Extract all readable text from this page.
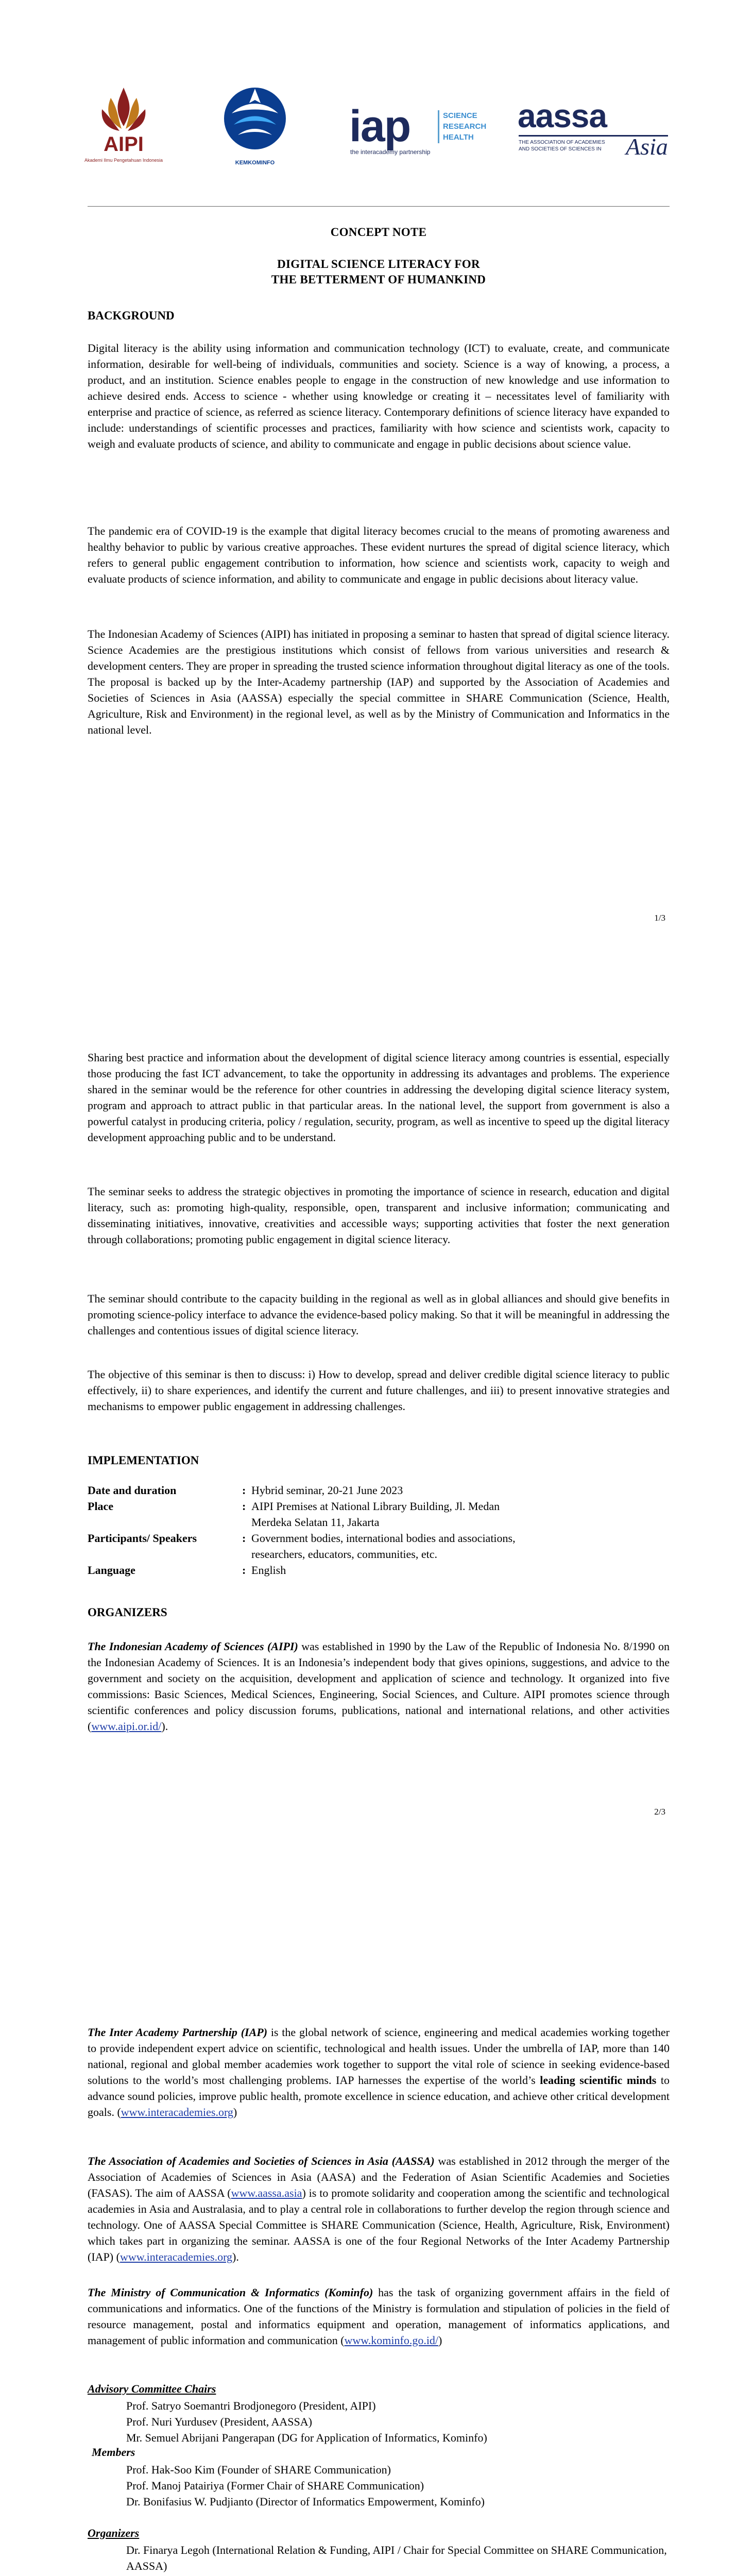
AIPI
Akademi Ilmu Pengetahuan Indonesia	KEMKOMINFO
iap	SCIENCE
RESEARCH
HEALTH
the interacademy partnership
aassa
THE ASSOCIATION OF ACADEMIES
AND SOCIETIES OF SCIENCES IN Asia
CONCEPT NOTE
DIGITAL SCIENCE LITERACY FOR
THE BETTERMENT OF HUMANKIND
BACKGROUND

Digital literacy is the ability using information and communication technology (ICT) to evaluate, create, and communicate information, desirable for well-being of individuals, communities and society. Science is a way of knowing, a process, a product, and an institution. Science enables people to engage in the construction of new knowledge and use information to achieve desired ends. Access to science - whether using knowledge or creating it – necessitates level of familiarity with enterprise and practice of science, as referred as science literacy. Contemporary definitions of science literacy have expanded to include: understandings of scientific processes and practices, familiarity with how science and scientists work, capacity to weigh and evaluate products of science, and ability to communicate and engage in public decisions about science value.

The pandemic era of COVID-19 is the example that digital literacy becomes crucial to the means of promoting awareness and healthy behavior to public by various creative approaches. These evident nurtures the spread of digital science literacy, which refers to general public engagement contribution to information, how science and scientists work, capacity to weigh and evaluate products of science information, and ability to communicate and engage in public decisions about literacy value.

The Indonesian Academy of Sciences (AIPI) has initiated in proposing a seminar to hasten that spread of digital science literacy. Science Academies are the prestigious institutions which consist of fellows from various universities and research & development centers. They are proper in spreading the trusted science information throughout digital literacy as one of the tools. The proposal is backed up by the Inter-Academy partnership (IAP) and supported by the Association of Academies and Societies of Sciences in Asia (AASSA) especially the special committee in SHARE Communication (Science, Health, Agriculture, Risk and Environment) in the regional level, as well as by the Ministry of Communication and Informatics in the national level.

1/3

Sharing best practice and information about the development of digital science literacy among countries is essential, especially those producing the fast ICT advancement, to take the opportunity in addressing its advantages and problems. The experience shared in the seminar would be the reference for other countries in addressing the developing digital science literacy system, program and approach to attract public in that particular areas. In the national level, the support from government is also a powerful catalyst in producing criteria, policy / regulation, security, program, as well as incentive to speed up the digital literacy development approaching public and to be understand.

The seminar seeks to address the strategic objectives in promoting the importance of science in research, education and digital literacy, such as: promoting high-quality, responsible, open, transparent and inclusive information; communicating and disseminating initiatives, innovative, creativities and accessible ways; supporting activities that foster the next generation through collaborations; promoting public engagement in digital science literacy.

The seminar should contribute to the capacity building in the regional as well as in global alliances and should give benefits in promoting science-policy interface to advance the evidence-based policy making. So that it will be meaningful in addressing the challenges and contentious issues of digital science literacy.

The objective of this seminar is then to discuss: i) How to develop, spread and deliver credible digital science literacy to public effectively, ii) to share experiences, and identify the current and future challenges, and iii) to present innovative strategies and mechanisms to empower public engagement in addressing challenges.

IMPLEMENTATION
Date and duration	: Hybrid seminar, 20-21 June 2023
Place	: AIPI Premises at National Library Building, Jl. Medan Merdeka Selatan 11, Jakarta
Participants/ Speakers	: Government bodies, international bodies and associations, researchers, educators, communities, etc.
Language	: English
ORGANIZERS

The Indonesian Academy of Sciences (AIPI) was established in 1990 by the Law of the Republic of Indonesia No. 8/1990 on the Indonesian Academy of Sciences. It is an Indonesia’s independent body that gives opinions, suggestions, and advice to the government and society on the acquisition, development and application of science and technology. It organized into five commissions: Basic Sciences, Medical Sciences, Engineering, Social Sciences, and Culture. AIPI promotes science through scientific conferences and policy discussion forums, publications, national and international relations, and other activities (www.aipi.or.id/).

2/3

The Inter Academy Partnership (IAP) is the global network of science, engineering and medical academies working together to provide independent expert advice on scientific, technological and health issues. Under the umbrella of IAP, more than 140 national, regional and global member academies work together to support the vital role of science in seeking evidence-based solutions to the world’s most challenging problems. IAP harnesses the expertise of the world’s leading scientific minds to advance sound policies, improve public health, promote excellence in science education, and achieve other critical development goals. (www.interacademies.org)

The Association of Academies and Societies of Sciences in Asia (AASSA) was established in 2012 through the merger of the Association of Academies of Sciences in Asia (AASA) and the Federation of Asian Scientific Academies and Societies (FASAS). The aim of AASSA (www.aassa.asia) is to promote solidarity and cooperation among the scientific and technological academies in Asia and Australasia, and to play a central role in collaborations to further develop the region through science and technology. One of AASSA Special Committee is SHARE Communication (Science, Health, Agriculture, Risk, Environment) which takes part in organizing the seminar. AASSA is one of the four Regional Networks of the Inter Academy Partnership (IAP) (www.interacademies.org).

The Ministry of Communication & Informatics (Kominfo) has the task of organizing government affairs in the field of communications and informatics. One of the functions of the Ministry is formulation and stipulation of policies in the field of resource management, postal and informatics equipment and operation, management of informatics applications, and management of public information and communication (www.kominfo.go.id/)

Advisory Committee Chairs
Prof. Satryo Soemantri Brodjonegoro (President, AIPI)
Prof. Nuri Yurdusev (President, AASSA)
Mr. Semuel Abrijani Pangerapan (DG for Application of Informatics, Kominfo)
Members
Prof. Hak-Soo Kim (Founder of SHARE Communication)
Prof. Manoj Patairiya (Former Chair of SHARE Communication)
Dr. Bonifasius W. Pudjianto (Director of Informatics Empowerment, Kominfo)
Organizers
Dr. Finarya Legoh (International Relation & Funding, AIPI / Chair for Special Committee on SHARE Communication, AASSA)
